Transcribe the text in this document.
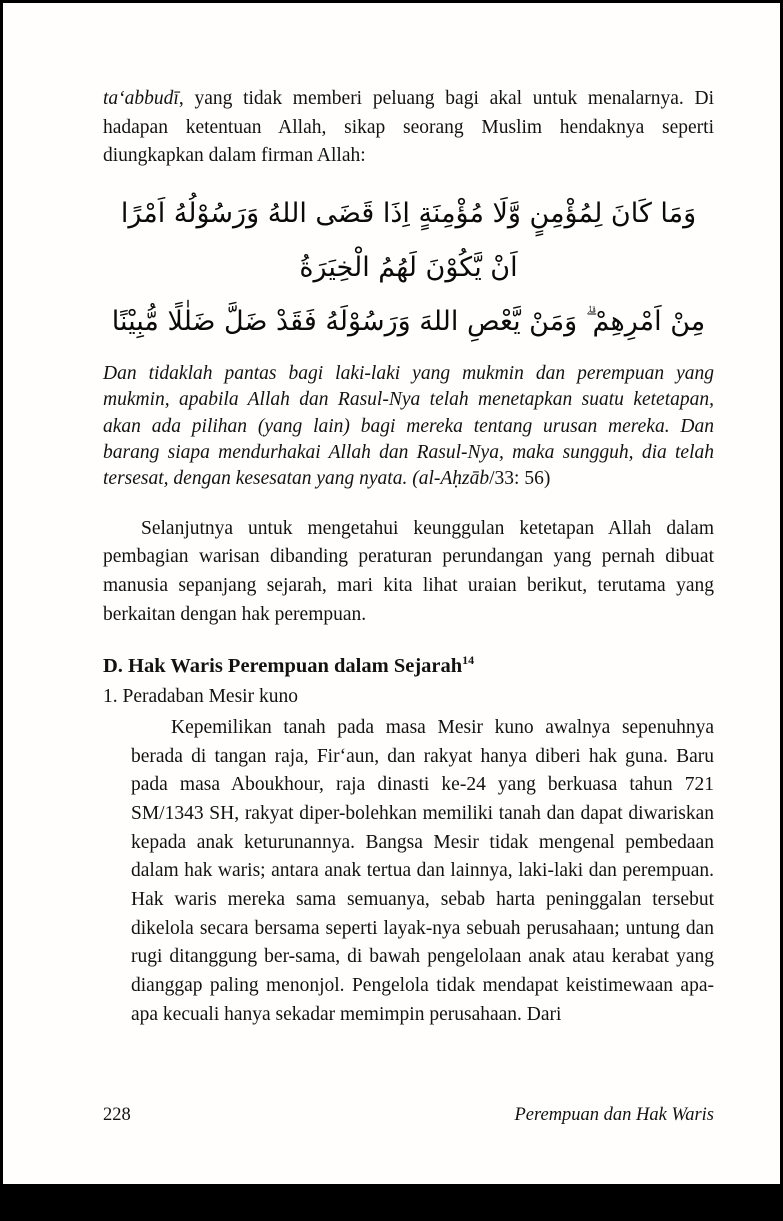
ta‘abbudī, yang tidak memberi peluang bagi akal untuk menalarnya. Di hadapan ketentuan Allah, sikap seorang Muslim hendaknya seperti diungkapkan dalam firman Allah:

وَمَا كَانَ لِمُؤْمِنٍ وَّلَا مُؤْمِنَةٍ اِذَا قَضَى اللهُ وَرَسُوْلُهُ اَمْرًا اَنْ يَّكُوْنَ لَهُمُ الْخِيَرَةُ
مِنْ اَمْرِهِمْ ۗ وَمَنْ يَّعْصِ اللهَ وَرَسُوْلَهُ فَقَدْ ضَلَّ ضَلٰلًا مُّبِيْنًا

Dan tidaklah pantas bagi laki-laki yang mukmin dan perempuan yang mukmin, apabila Allah dan Rasul-Nya telah menetapkan suatu ketetapan, akan ada pilihan (yang lain) bagi mereka tentang urusan mereka. Dan barang siapa mendurhakai Allah dan Rasul-Nya, maka sungguh, dia telah tersesat, dengan kesesatan yang nyata. (al-Aḥzāb/33: 56)

Selanjutnya untuk mengetahui keunggulan ketetapan Allah dalam pembagian warisan dibanding peraturan perundangan yang pernah dibuat manusia sepanjang sejarah, mari kita lihat uraian berikut, terutama yang berkaitan dengan hak perempuan.

D. Hak Waris Perempuan dalam Sejarah$^{14}$

1. Peradaban Mesir kuno

Kepemilikan tanah pada masa Mesir kuno awalnya sepenuhnya berada di tangan raja, Fir‘aun, dan rakyat hanya diberi hak guna. Baru pada masa Aboukhour, raja dinasti ke-24 yang berkuasa tahun 721 SM/1343 SH, rakyat diper-bolehkan memiliki tanah dan dapat diwariskan kepada anak keturunannya. Bangsa Mesir tidak mengenal pembedaan dalam hak waris; antara anak tertua dan lainnya, laki-laki dan perempuan. Hak waris mereka sama semuanya, sebab harta peninggalan tersebut dikelola secara bersama seperti layak-nya sebuah perusahaan; untung dan rugi ditanggung ber-sama, di bawah pengelolaan anak atau kerabat yang dianggap paling menonjol. Pengelola tidak mendapat keistimewaan apa-apa kecuali hanya sekadar memimpin perusahaan. Dari

228	Perempuan dan Hak Waris
